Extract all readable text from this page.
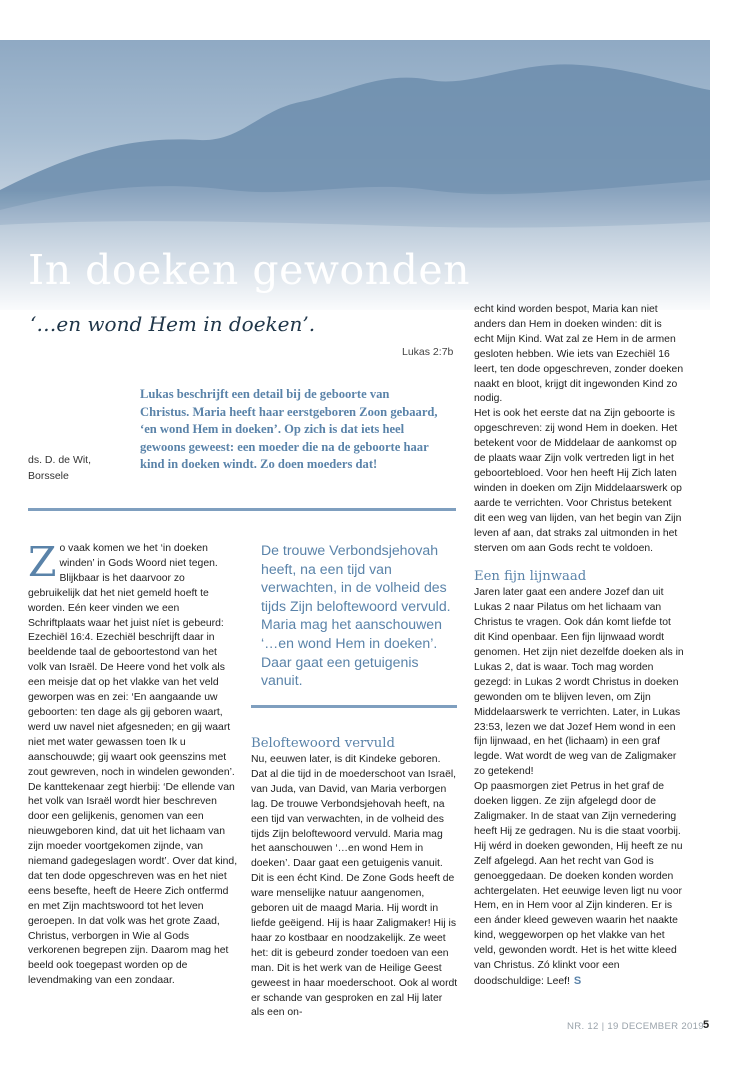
In doeken gewonden
‘…en wond Hem in doeken’.
Lukas 2:7b
ds. D. de Wit,
Borssele
Lukas beschrijft een detail bij de geboorte van Christus. Maria heeft haar eerstgeboren Zoon gebaard, ‘en wond Hem in doeken’. Op zich is dat iets heel gewoons geweest: een moeder die na de geboorte haar kind in doeken windt. Zo doen moeders dat!
Z o vaak komen we het ‘in doeken winden’ in Gods Woord niet tegen. Blijkbaar is het daarvoor zo gebruikelijk dat het niet gemeld hoeft te worden. Eén keer vinden we een Schriftplaats waar het juist níet is gebeurd: Ezechiël 16:4. Ezechiël beschrijft daar in beeldende taal de geboortestond van het volk van Israël. De Heere vond het volk als een meisje dat op het vlakke van het veld geworpen was en zei: ‘En aangaande uw geboorten: ten dage als gij geboren waart, werd uw navel niet afgesneden; en gij waart niet met water gewassen toen Ik u aanschouwde; gij waart ook geenszins met zout gewreven, noch in windelen gewonden’. De kanttekenaar zegt hierbij: ‘De ellende van het volk van Israël wordt hier beschreven door een gelijkenis, genomen van een nieuwgeboren kind, dat uit het lichaam van zijn moeder voortgekomen zijnde, van niemand gadegeslagen wordt’. Over dat kind, dat ten dode opgeschreven was en het niet eens besefte, heeft de Heere Zich ontfermd en met Zijn machtswoord tot het leven geroepen. In dat volk was het grote Zaad, Christus, verborgen in Wie al Gods verkorenen begrepen zijn. Daarom mag het beeld ook toegepast worden op de levendmaking van een zondaar.
De trouwe Verbondsjehovah heeft, na een tijd van verwachten, in de volheid des tijds Zijn beloftewoord vervuld. Maria mag het aanschouwen ‘…en wond Hem in doeken’. Daar gaat een getuigenis vanuit.
Beloftewoord vervuld

Nu, eeuwen later, is dit Kindeke geboren. Dat al die tijd in de moederschoot van Israël, van Juda, van David, van Maria verborgen lag. De trouwe Verbondsjehovah heeft, na een tijd van verwachten, in de volheid des tijds Zijn beloftewoord vervuld. Maria mag het aanschouwen ‘…en wond Hem in doeken’. Daar gaat een getuigenis vanuit. Dit is een écht Kind. De Zone Gods heeft de ware menselijke natuur aangenomen, geboren uit de maagd Maria. Hij wordt in liefde geëigend. Hij is haar Zaligmaker! Hij is haar zo kostbaar en noodzakelijk. Ze weet het: dit is gebeurd zonder toedoen van een man. Dit is het werk van de Heilige Geest geweest in haar moederschoot. Ook al wordt er schande van gesproken en zal Hij later als een on-

echt kind worden bespot, Maria kan niet anders dan Hem in doeken winden: dit is echt Mijn Kind. Wat zal ze Hem in de armen gesloten hebben. Wie iets van Ezechiël 16 leert, ten dode opgeschreven, zonder doeken naakt en bloot, krijgt dit ingewonden Kind zo nodig.

Het is ook het eerste dat na Zijn geboorte is opgeschreven: zij wond Hem in doeken. Het betekent voor de Middelaar de aankomst op de plaats waar Zijn volk vertreden ligt in het geboortebloed. Voor hen heeft Hij Zich laten winden in doeken om Zijn Middelaarswerk op aarde te verrichten. Voor Christus betekent dit een weg van lijden, van het begin van Zijn leven af aan, dat straks zal uitmonden in het sterven om aan Gods recht te voldoen.

Een fijn lijnwaad

Jaren later gaat een andere Jozef dan uit Lukas 2 naar Pilatus om het lichaam van Christus te vragen. Ook dán komt liefde tot dit Kind openbaar. Een fijn lijnwaad wordt genomen. Het zijn niet dezelfde doeken als in Lukas 2, dat is waar. Toch mag worden gezegd: in Lukas 2 wordt Christus in doeken gewonden om te blijven leven, om Zijn Middelaarswerk te verrichten. Later, in Lukas 23:53, lezen we dat Jozef Hem wond in een fijn lijnwaad, en het (lichaam) in een graf legde. Wat wordt de weg van de Zaligmaker zo getekend!

Op paasmorgen ziet Petrus in het graf de doeken liggen. Ze zijn afgelegd door de Zaligmaker. In de staat van Zijn vernedering heeft Hij ze gedragen. Nu is die staat voorbij. Hij wérd in doeken gewonden, Hij heeft ze nu Zelf afgelegd. Aan het recht van God is genoeggedaan. De doeken konden worden achtergelaten. Het eeuwige leven ligt nu voor Hem, en in Hem voor al Zijn kinderen. Er is een ánder kleed geweven waarin het naakte kind, weggeworpen op het vlakke van het veld, gewonden wordt. Het is het witte kleed van Christus. Zó klinkt voor een doodschuldige: Leef! S

NR. 12 | 19 DECEMBER 2019 5
